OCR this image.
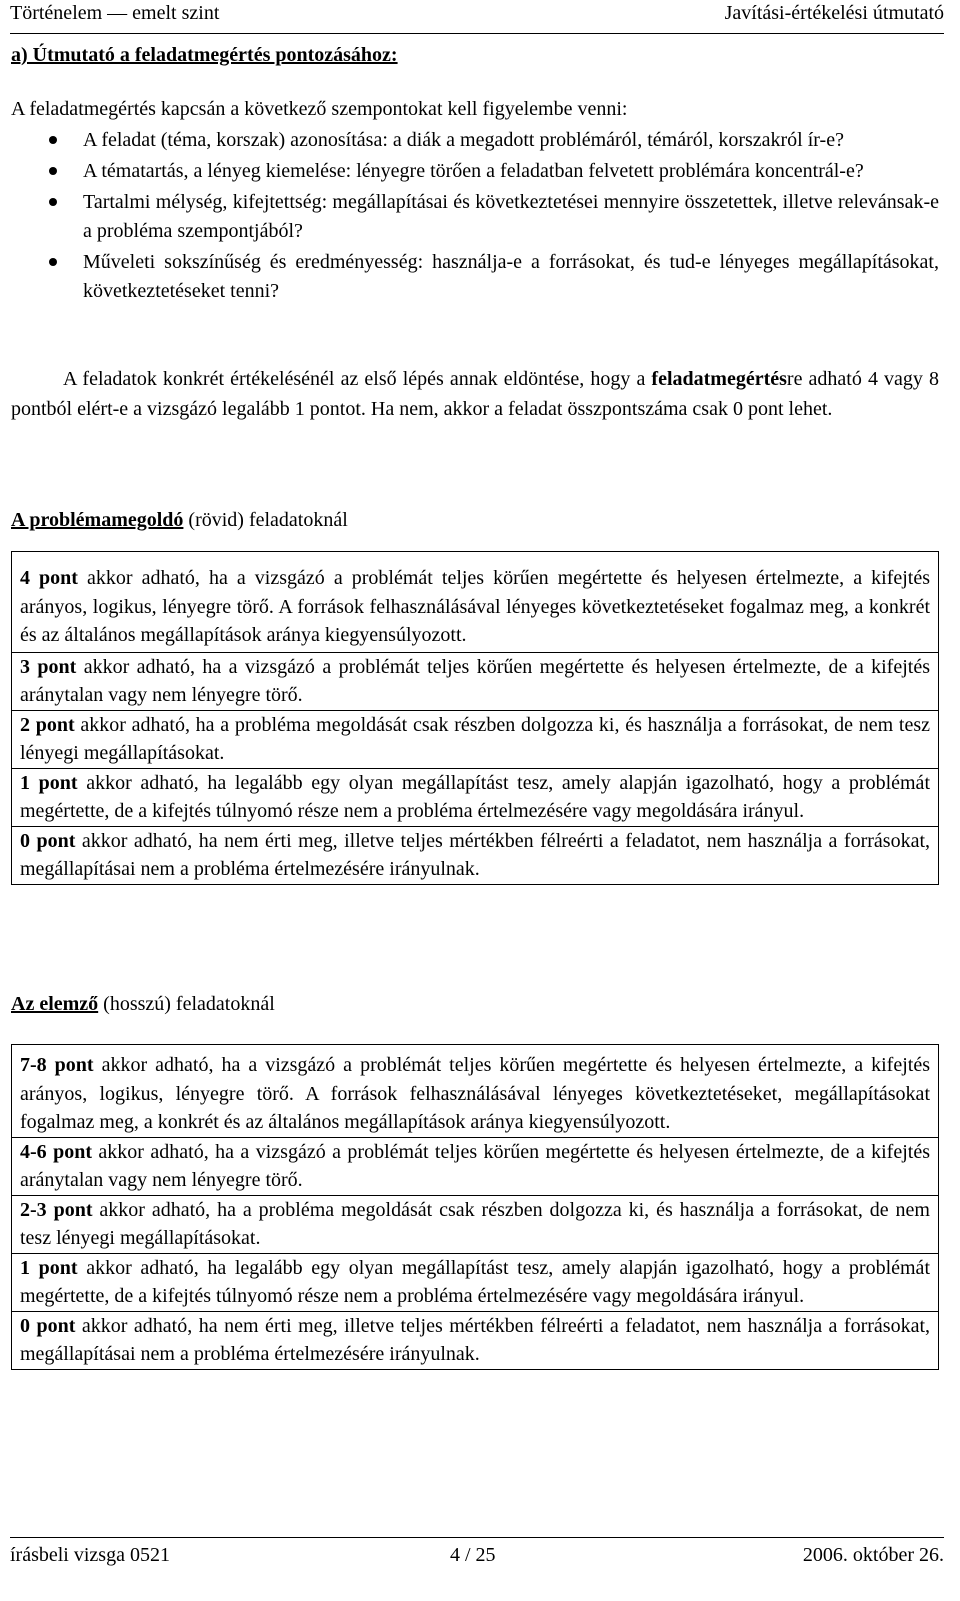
Történelem — emelt szint	Javítási-értékelési útmutató
a) Útmutató a feladatmegértés pontozásához:
A feladatmegértés kapcsán a következő szempontokat kell figyelembe venni:
A feladat (téma, korszak) azonosítása: a diák a megadott problémáról, témáról, korszakról ír-e?
A tématartás, a lényeg kiemelése: lényegre törően a feladatban felvetett problémára koncentrál-e?
Tartalmi mélység, kifejtettség: megállapításai és következtetései mennyire összetettek, illetve relevánsak-e a probléma szempontjából?
Műveleti sokszínűség és eredményesség: használja-e a forrásokat, és tud-e lényeges megállapításokat, következtetéseket tenni?

A feladatok konkrét értékelésénél az első lépés annak eldöntése, hogy a feladatmegértésre adható 4 vagy 8 pontból elért-e a vizsgázó legalább 1 pontot. Ha nem, akkor a feladat összpontszáma csak 0 pont lehet.

A problémamegoldó (rövid) feladatoknál
4 pont akkor adható, ha a vizsgázó a problémát teljes körűen megértette és helyesen értelmezte, a kifejtés arányos, logikus, lényegre törő. A források felhasználásával lényeges következtetéseket fogalmaz meg, a konkrét és az általános megállapítások aránya kiegyensúlyozott.
3 pont akkor adható, ha a vizsgázó a problémát teljes körűen megértette és helyesen értelmezte, de a kifejtés aránytalan vagy nem lényegre törő.
2 pont akkor adható, ha a probléma megoldását csak részben dolgozza ki, és használja a forrásokat, de nem tesz lényegi megállapításokat.
1 pont akkor adható, ha legalább egy olyan megállapítást tesz, amely alapján igazolható, hogy a problémát megértette, de a kifejtés túlnyomó része nem a probléma értelmezésére vagy megoldására irányul.
0 pont akkor adható, ha nem érti meg, illetve teljes mértékben félreérti a feladatot, nem használja a forrásokat, megállapításai nem a probléma értelmezésére irányulnak.
Az elemző (hosszú) feladatoknál
7-8 pont akkor adható, ha a vizsgázó a problémát teljes körűen megértette és helyesen értelmezte, a kifejtés arányos, logikus, lényegre törő. A források felhasználásával lényeges következtetéseket, megállapításokat fogalmaz meg, a konkrét és az általános megállapítások aránya kiegyensúlyozott.
4-6 pont akkor adható, ha a vizsgázó a problémát teljes körűen megértette és helyesen értelmezte, de a kifejtés aránytalan vagy nem lényegre törő.
2-3 pont akkor adható, ha a probléma megoldását csak részben dolgozza ki, és használja a forrásokat, de nem tesz lényegi megállapításokat.
1 pont akkor adható, ha legalább egy olyan megállapítást tesz, amely alapján igazolható, hogy a problémát megértette, de a kifejtés túlnyomó része nem a probléma értelmezésére vagy megoldására irányul.
0 pont akkor adható, ha nem érti meg, illetve teljes mértékben félreérti a feladatot, nem használja a forrásokat, megállapításai nem a probléma értelmezésére irányulnak.
írásbeli vizsga 0521	4 / 25	2006. október 26.
